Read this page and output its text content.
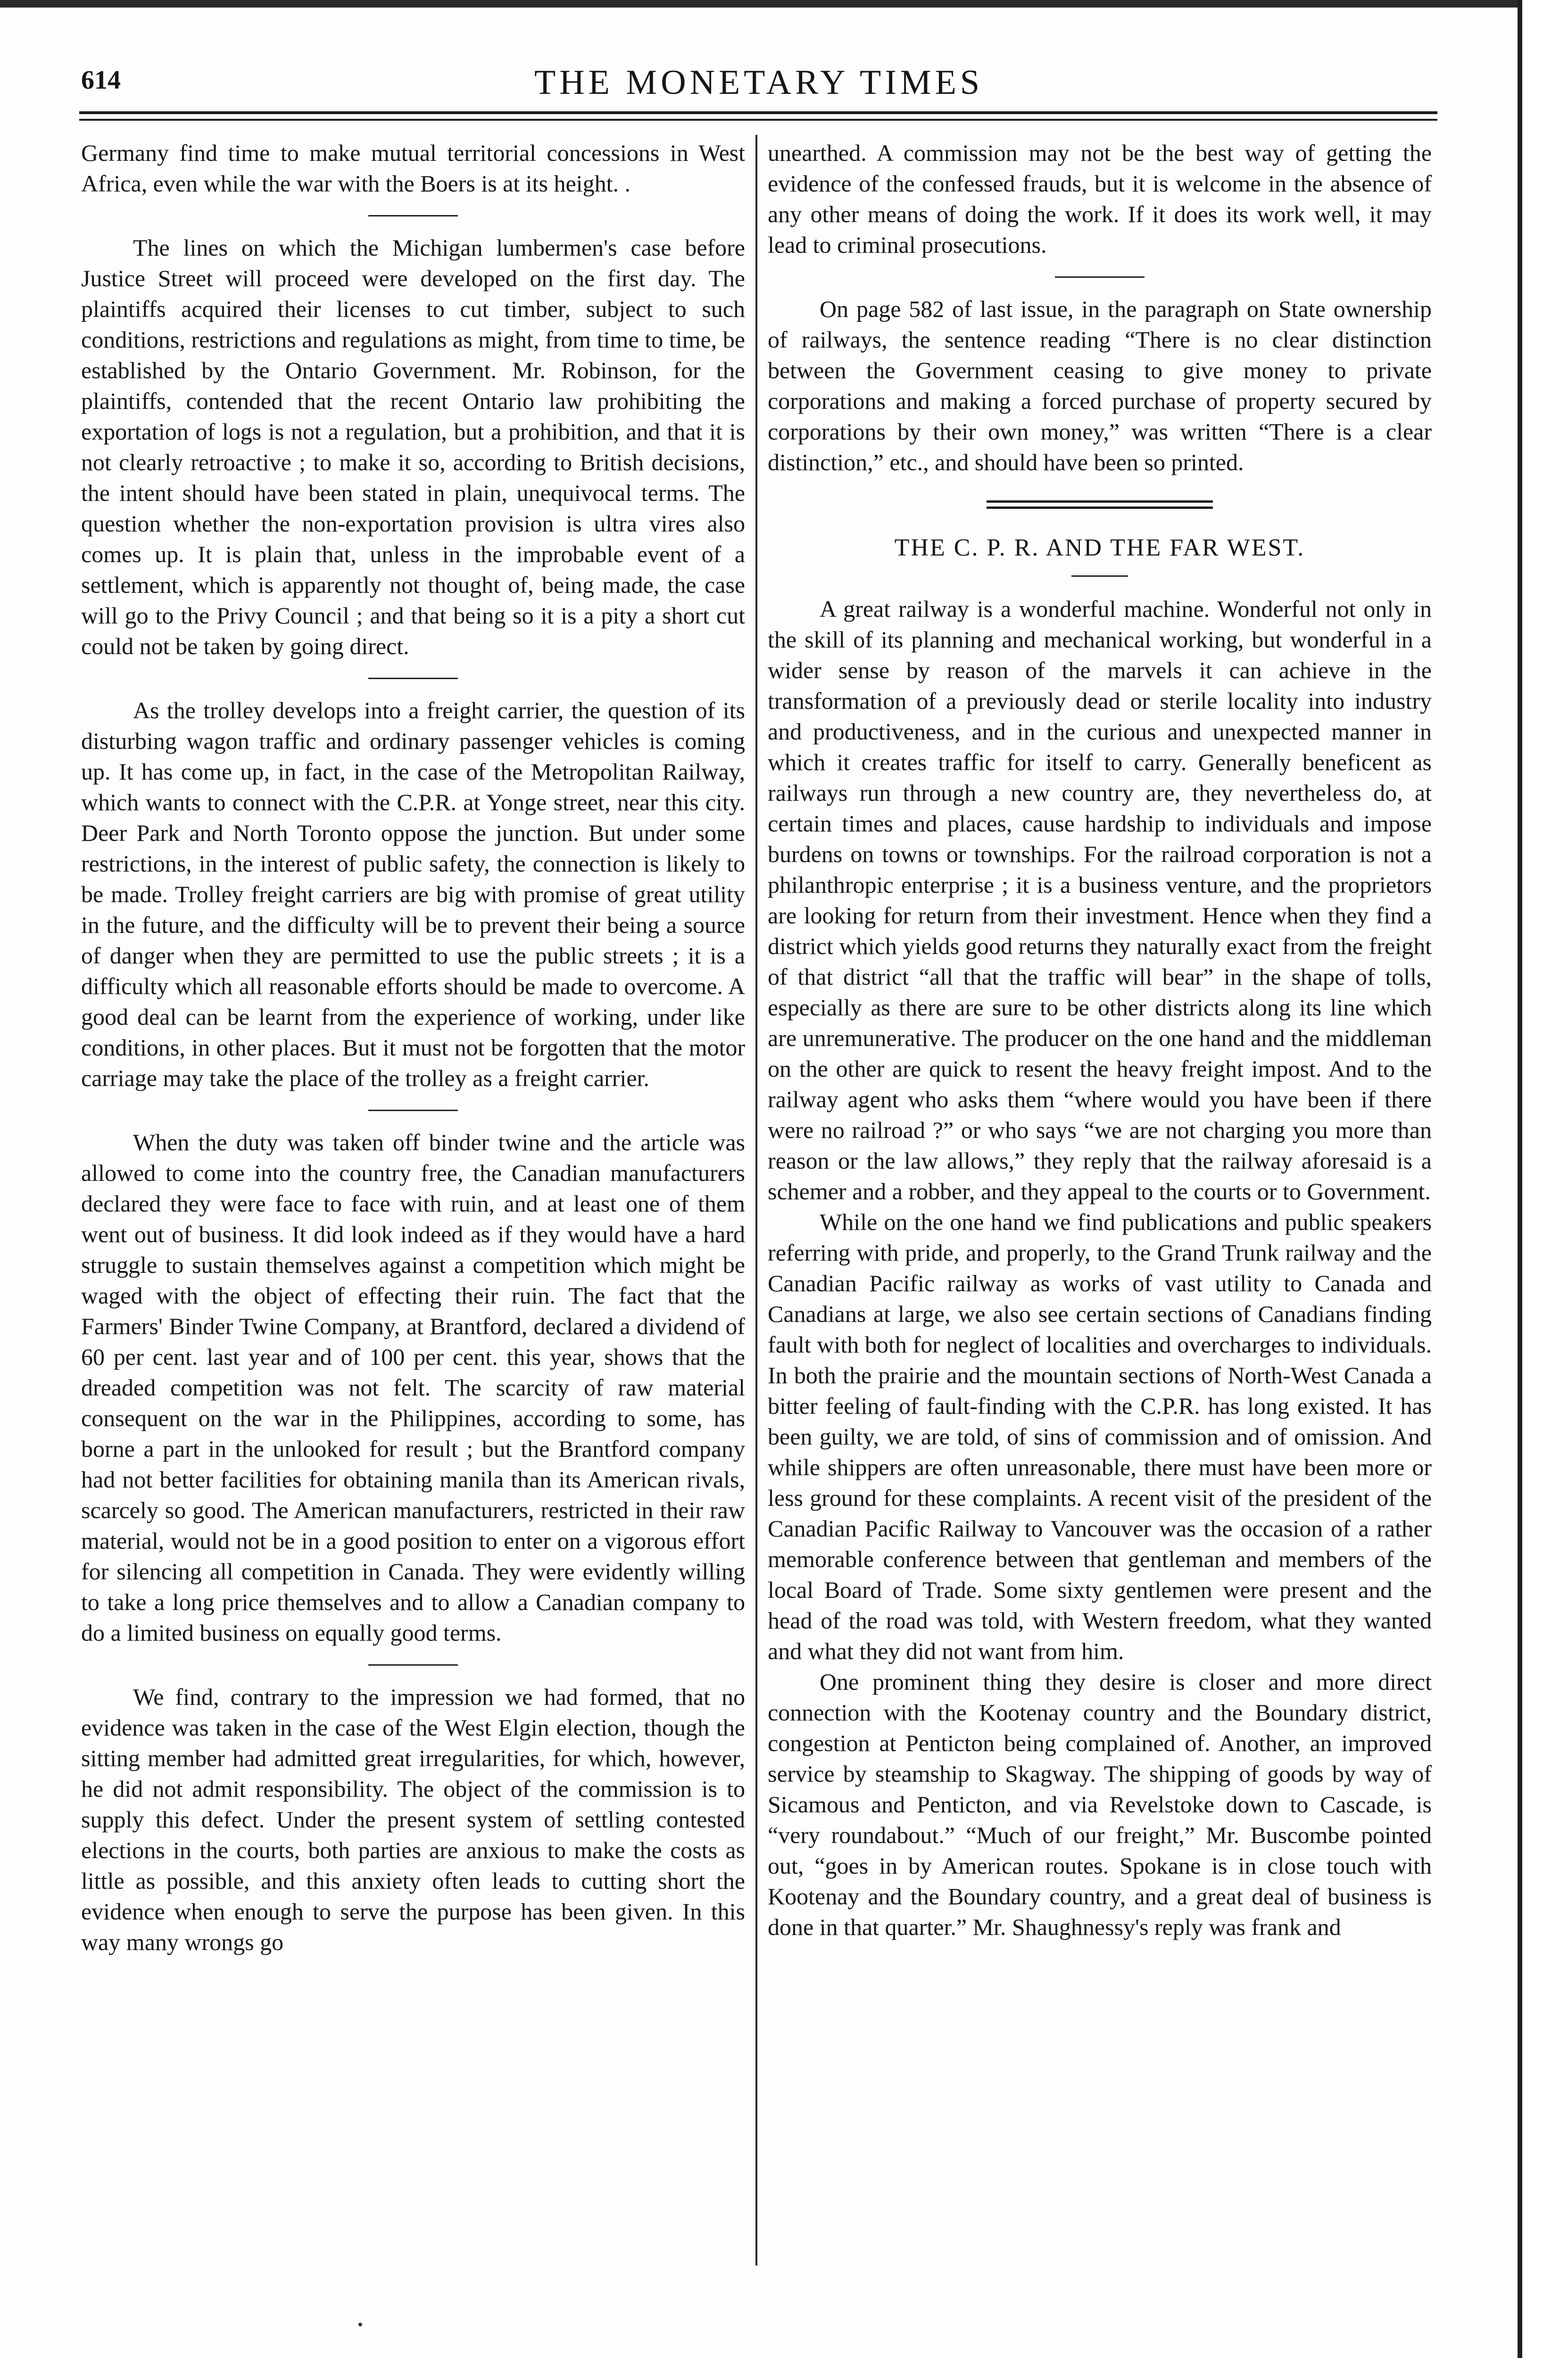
614	THE MONETARY TIMES

Germany find time to make mutual territorial concessions in West Africa, even while the war with the Boers is at its height. .

The lines on which the Michigan lumbermen's case before Justice Street will proceed were developed on the first day. The plaintiffs acquired their licenses to cut timber, subject to such conditions, restrictions and regulations as might, from time to time, be established by the Ontario Government. Mr. Robinson, for the plaintiffs, contended that the recent Ontario law prohibiting the exportation of logs is not a regulation, but a prohibition, and that it is not clearly retroactive ; to make it so, according to British decisions, the intent should have been stated in plain, unequivocal terms. The question whether the non-exportation provision is ultra vires also comes up. It is plain that, unless in the improbable event of a settlement, which is apparently not thought of, being made, the case will go to the Privy Council ; and that being so it is a pity a short cut could not be taken by going direct.

As the trolley develops into a freight carrier, the question of its disturbing wagon traffic and ordinary passenger vehicles is coming up. It has come up, in fact, in the case of the Metropolitan Railway, which wants to connect with the C.P.R. at Yonge street, near this city. Deer Park and North Toronto oppose the junction. But under some restrictions, in the interest of public safety, the connection is likely to be made. Trolley freight carriers are big with promise of great utility in the future, and the difficulty will be to prevent their being a source of danger when they are permitted to use the public streets ; it is a difficulty which all reasonable efforts should be made to overcome. A good deal can be learnt from the experience of working, under like conditions, in other places. But it must not be forgotten that the motor carriage may take the place of the trolley as a freight carrier.

When the duty was taken off binder twine and the article was allowed to come into the country free, the Canadian manufacturers declared they were face to face with ruin, and at least one of them went out of business. It did look indeed as if they would have a hard struggle to sustain themselves against a competition which might be waged with the object of effecting their ruin. The fact that the Farmers' Binder Twine Company, at Brantford, declared a dividend of 60 per cent. last year and of 100 per cent. this year, shows that the dreaded competition was not felt. The scarcity of raw material consequent on the war in the Philippines, according to some, has borne a part in the unlooked for result ; but the Brantford company had not better facilities for obtaining manila than its American rivals, scarcely so good. The American manufacturers, restricted in their raw material, would not be in a good position to enter on a vigorous effort for silencing all competition in Canada. They were evidently willing to take a long price themselves and to allow a Canadian company to do a limited business on equally good terms.

We find, contrary to the impression we had formed, that no evidence was taken in the case of the West Elgin election, though the sitting member had admitted great irregularities, for which, however, he did not admit responsibility. The object of the commission is to supply this defect. Under the present system of settling contested elections in the courts, both parties are anxious to make the costs as little as possible, and this anxiety often leads to cutting short the evidence when enough to serve the purpose has been given. In this way many wrongs go

unearthed. A commission may not be the best way of getting the evidence of the confessed frauds, but it is welcome in the absence of any other means of doing the work. If it does its work well, it may lead to criminal prosecutions.

On page 582 of last issue, in the paragraph on State ownership of railways, the sentence reading “There is no clear distinction between the Government ceasing to give money to private corporations and making a forced purchase of property secured by corporations by their own money,” was written “There is a clear distinction,” etc., and should have been so printed.

THE C. P. R. AND THE FAR WEST.

A great railway is a wonderful machine. Wonderful not only in the skill of its planning and mechanical working, but wonderful in a wider sense by reason of the marvels it can achieve in the transformation of a previously dead or sterile locality into industry and productiveness, and in the curious and unexpected manner in which it creates traffic for itself to carry. Generally beneficent as railways run through a new country are, they nevertheless do, at certain times and places, cause hardship to individuals and impose burdens on towns or townships. For the railroad corporation is not a philanthropic enterprise ; it is a business venture, and the proprietors are looking for return from their investment. Hence when they find a district which yields good returns they naturally exact from the freight of that district “all that the traffic will bear” in the shape of tolls, especially as there are sure to be other districts along its line which are unremunerative. The producer on the one hand and the middleman on the other are quick to resent the heavy freight impost. And to the railway agent who asks them “where would you have been if there were no railroad ?” or who says “we are not charging you more than reason or the law allows,” they reply that the railway aforesaid is a schemer and a robber, and they appeal to the courts or to Government.

While on the one hand we find publications and public speakers referring with pride, and properly, to the Grand Trunk railway and the Canadian Pacific railway as works of vast utility to Canada and Canadians at large, we also see certain sections of Canadians finding fault with both for neglect of localities and overcharges to individuals. In both the prairie and the mountain sections of North-West Canada a bitter feeling of fault-finding with the C.P.R. has long existed. It has been guilty, we are told, of sins of commission and of omission. And while shippers are often unreasonable, there must have been more or less ground for these complaints. A recent visit of the president of the Canadian Pacific Railway to Vancouver was the occasion of a rather memorable conference between that gentleman and members of the local Board of Trade. Some sixty gentlemen were present and the head of the road was told, with Western freedom, what they wanted and what they did not want from him.

One prominent thing they desire is closer and more direct connection with the Kootenay country and the Boundary district, congestion at Penticton being complained of. Another, an improved service by steamship to Skagway. The shipping of goods by way of Sicamous and Penticton, and via Revelstoke down to Cascade, is “very roundabout.” “Much of our freight,” Mr. Buscombe pointed out, “goes in by American routes. Spokane is in close touch with Kootenay and the Boundary country, and a great deal of business is done in that quarter.” Mr. Shaughnessy's reply was frank and
